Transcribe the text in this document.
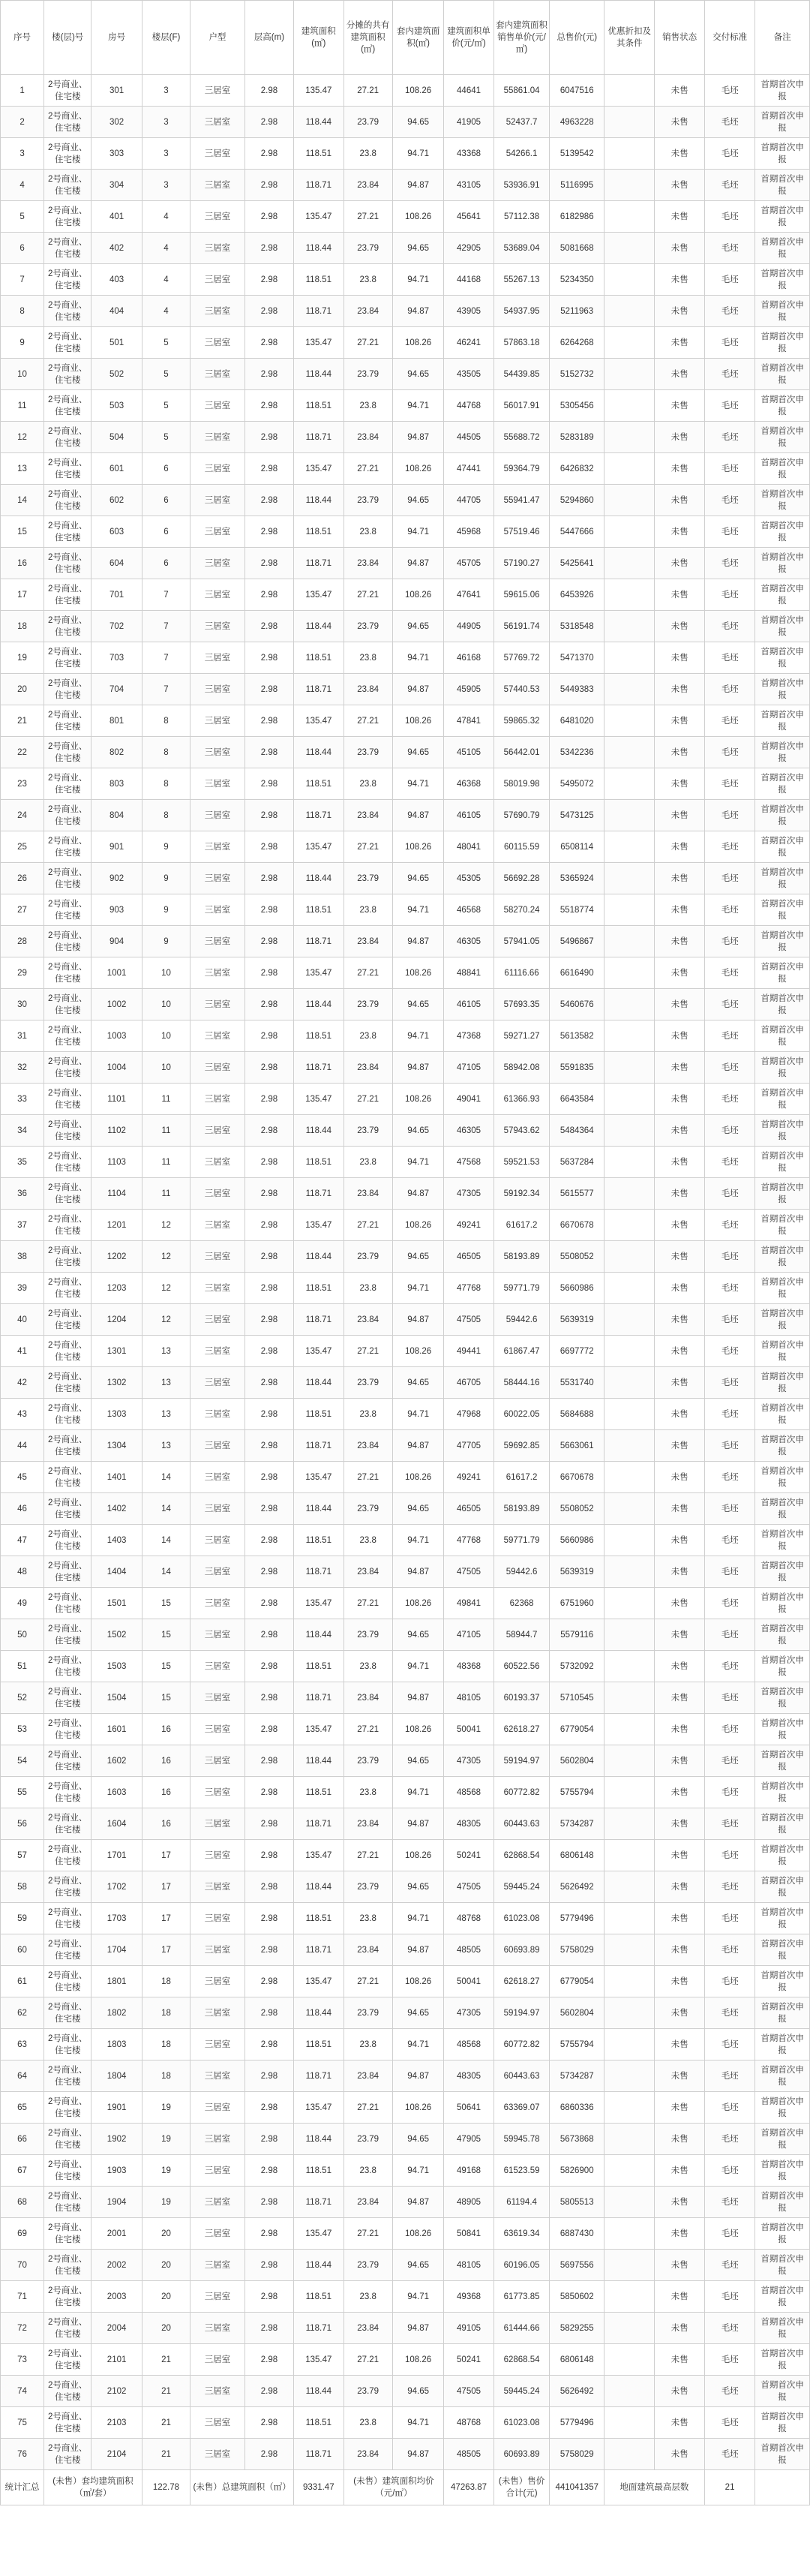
序号	楼(层)号	房号	楼层(F)	户型	层高(m)	建筑面积(㎡)	分摊的共有建筑面积(㎡)	套内建筑面积(㎡)	建筑面积单价(元/㎡)	套内建筑面积销售单价(元/㎡)	总售价(元)	优惠折扣及其条件	销售状态	交付标准	备注
1	2号商业、住宅楼	301	3	三居室	2.98	135.47	27.21	108.26	44641	55861.04	6047516		未售	毛坯	首期首次申报
2	2号商业、住宅楼	302	3	三居室	2.98	118.44	23.79	94.65	41905	52437.7	4963228		未售	毛坯	首期首次申报
3	2号商业、住宅楼	303	3	三居室	2.98	118.51	23.8	94.71	43368	54266.1	5139542		未售	毛坯	首期首次申报
4	2号商业、住宅楼	304	3	三居室	2.98	118.71	23.84	94.87	43105	53936.91	5116995		未售	毛坯	首期首次申报
5	2号商业、住宅楼	401	4	三居室	2.98	135.47	27.21	108.26	45641	57112.38	6182986		未售	毛坯	首期首次申报
6	2号商业、住宅楼	402	4	三居室	2.98	118.44	23.79	94.65	42905	53689.04	5081668		未售	毛坯	首期首次申报
7	2号商业、住宅楼	403	4	三居室	2.98	118.51	23.8	94.71	44168	55267.13	5234350		未售	毛坯	首期首次申报
8	2号商业、住宅楼	404	4	三居室	2.98	118.71	23.84	94.87	43905	54937.95	5211963		未售	毛坯	首期首次申报
9	2号商业、住宅楼	501	5	三居室	2.98	135.47	27.21	108.26	46241	57863.18	6264268		未售	毛坯	首期首次申报
10	2号商业、住宅楼	502	5	三居室	2.98	118.44	23.79	94.65	43505	54439.85	5152732		未售	毛坯	首期首次申报
11	2号商业、住宅楼	503	5	三居室	2.98	118.51	23.8	94.71	44768	56017.91	5305456		未售	毛坯	首期首次申报
12	2号商业、住宅楼	504	5	三居室	2.98	118.71	23.84	94.87	44505	55688.72	5283189		未售	毛坯	首期首次申报
13	2号商业、住宅楼	601	6	三居室	2.98	135.47	27.21	108.26	47441	59364.79	6426832		未售	毛坯	首期首次申报
14	2号商业、住宅楼	602	6	三居室	2.98	118.44	23.79	94.65	44705	55941.47	5294860		未售	毛坯	首期首次申报
15	2号商业、住宅楼	603	6	三居室	2.98	118.51	23.8	94.71	45968	57519.46	5447666		未售	毛坯	首期首次申报
16	2号商业、住宅楼	604	6	三居室	2.98	118.71	23.84	94.87	45705	57190.27	5425641		未售	毛坯	首期首次申报
17	2号商业、住宅楼	701	7	三居室	2.98	135.47	27.21	108.26	47641	59615.06	6453926		未售	毛坯	首期首次申报
18	2号商业、住宅楼	702	7	三居室	2.98	118.44	23.79	94.65	44905	56191.74	5318548		未售	毛坯	首期首次申报
19	2号商业、住宅楼	703	7	三居室	2.98	118.51	23.8	94.71	46168	57769.72	5471370		未售	毛坯	首期首次申报
20	2号商业、住宅楼	704	7	三居室	2.98	118.71	23.84	94.87	45905	57440.53	5449383		未售	毛坯	首期首次申报
21	2号商业、住宅楼	801	8	三居室	2.98	135.47	27.21	108.26	47841	59865.32	6481020		未售	毛坯	首期首次申报
22	2号商业、住宅楼	802	8	三居室	2.98	118.44	23.79	94.65	45105	56442.01	5342236		未售	毛坯	首期首次申报
23	2号商业、住宅楼	803	8	三居室	2.98	118.51	23.8	94.71	46368	58019.98	5495072		未售	毛坯	首期首次申报
24	2号商业、住宅楼	804	8	三居室	2.98	118.71	23.84	94.87	46105	57690.79	5473125		未售	毛坯	首期首次申报
25	2号商业、住宅楼	901	9	三居室	2.98	135.47	27.21	108.26	48041	60115.59	6508114		未售	毛坯	首期首次申报
26	2号商业、住宅楼	902	9	三居室	2.98	118.44	23.79	94.65	45305	56692.28	5365924		未售	毛坯	首期首次申报
27	2号商业、住宅楼	903	9	三居室	2.98	118.51	23.8	94.71	46568	58270.24	5518774		未售	毛坯	首期首次申报
28	2号商业、住宅楼	904	9	三居室	2.98	118.71	23.84	94.87	46305	57941.05	5496867		未售	毛坯	首期首次申报
29	2号商业、住宅楼	1001	10	三居室	2.98	135.47	27.21	108.26	48841	61116.66	6616490		未售	毛坯	首期首次申报
30	2号商业、住宅楼	1002	10	三居室	2.98	118.44	23.79	94.65	46105	57693.35	5460676		未售	毛坯	首期首次申报
31	2号商业、住宅楼	1003	10	三居室	2.98	118.51	23.8	94.71	47368	59271.27	5613582		未售	毛坯	首期首次申报
32	2号商业、住宅楼	1004	10	三居室	2.98	118.71	23.84	94.87	47105	58942.08	5591835		未售	毛坯	首期首次申报
33	2号商业、住宅楼	1101	11	三居室	2.98	135.47	27.21	108.26	49041	61366.93	6643584		未售	毛坯	首期首次申报
34	2号商业、住宅楼	1102	11	三居室	2.98	118.44	23.79	94.65	46305	57943.62	5484364		未售	毛坯	首期首次申报
35	2号商业、住宅楼	1103	11	三居室	2.98	118.51	23.8	94.71	47568	59521.53	5637284		未售	毛坯	首期首次申报
36	2号商业、住宅楼	1104	11	三居室	2.98	118.71	23.84	94.87	47305	59192.34	5615577		未售	毛坯	首期首次申报
37	2号商业、住宅楼	1201	12	三居室	2.98	135.47	27.21	108.26	49241	61617.2	6670678		未售	毛坯	首期首次申报
38	2号商业、住宅楼	1202	12	三居室	2.98	118.44	23.79	94.65	46505	58193.89	5508052		未售	毛坯	首期首次申报
39	2号商业、住宅楼	1203	12	三居室	2.98	118.51	23.8	94.71	47768	59771.79	5660986		未售	毛坯	首期首次申报
40	2号商业、住宅楼	1204	12	三居室	2.98	118.71	23.84	94.87	47505	59442.6	5639319		未售	毛坯	首期首次申报
41	2号商业、住宅楼	1301	13	三居室	2.98	135.47	27.21	108.26	49441	61867.47	6697772		未售	毛坯	首期首次申报
42	2号商业、住宅楼	1302	13	三居室	2.98	118.44	23.79	94.65	46705	58444.16	5531740		未售	毛坯	首期首次申报
43	2号商业、住宅楼	1303	13	三居室	2.98	118.51	23.8	94.71	47968	60022.05	5684688		未售	毛坯	首期首次申报
44	2号商业、住宅楼	1304	13	三居室	2.98	118.71	23.84	94.87	47705	59692.85	5663061		未售	毛坯	首期首次申报
45	2号商业、住宅楼	1401	14	三居室	2.98	135.47	27.21	108.26	49241	61617.2	6670678		未售	毛坯	首期首次申报
46	2号商业、住宅楼	1402	14	三居室	2.98	118.44	23.79	94.65	46505	58193.89	5508052		未售	毛坯	首期首次申报
47	2号商业、住宅楼	1403	14	三居室	2.98	118.51	23.8	94.71	47768	59771.79	5660986		未售	毛坯	首期首次申报
48	2号商业、住宅楼	1404	14	三居室	2.98	118.71	23.84	94.87	47505	59442.6	5639319		未售	毛坯	首期首次申报
49	2号商业、住宅楼	1501	15	三居室	2.98	135.47	27.21	108.26	49841	62368	6751960		未售	毛坯	首期首次申报
50	2号商业、住宅楼	1502	15	三居室	2.98	118.44	23.79	94.65	47105	58944.7	5579116		未售	毛坯	首期首次申报
51	2号商业、住宅楼	1503	15	三居室	2.98	118.51	23.8	94.71	48368	60522.56	5732092		未售	毛坯	首期首次申报
52	2号商业、住宅楼	1504	15	三居室	2.98	118.71	23.84	94.87	48105	60193.37	5710545		未售	毛坯	首期首次申报
53	2号商业、住宅楼	1601	16	三居室	2.98	135.47	27.21	108.26	50041	62618.27	6779054		未售	毛坯	首期首次申报
54	2号商业、住宅楼	1602	16	三居室	2.98	118.44	23.79	94.65	47305	59194.97	5602804		未售	毛坯	首期首次申报
55	2号商业、住宅楼	1603	16	三居室	2.98	118.51	23.8	94.71	48568	60772.82	5755794		未售	毛坯	首期首次申报
56	2号商业、住宅楼	1604	16	三居室	2.98	118.71	23.84	94.87	48305	60443.63	5734287		未售	毛坯	首期首次申报
57	2号商业、住宅楼	1701	17	三居室	2.98	135.47	27.21	108.26	50241	62868.54	6806148		未售	毛坯	首期首次申报
58	2号商业、住宅楼	1702	17	三居室	2.98	118.44	23.79	94.65	47505	59445.24	5626492		未售	毛坯	首期首次申报
59	2号商业、住宅楼	1703	17	三居室	2.98	118.51	23.8	94.71	48768	61023.08	5779496		未售	毛坯	首期首次申报
60	2号商业、住宅楼	1704	17	三居室	2.98	118.71	23.84	94.87	48505	60693.89	5758029		未售	毛坯	首期首次申报
61	2号商业、住宅楼	1801	18	三居室	2.98	135.47	27.21	108.26	50041	62618.27	6779054		未售	毛坯	首期首次申报
62	2号商业、住宅楼	1802	18	三居室	2.98	118.44	23.79	94.65	47305	59194.97	5602804		未售	毛坯	首期首次申报
63	2号商业、住宅楼	1803	18	三居室	2.98	118.51	23.8	94.71	48568	60772.82	5755794		未售	毛坯	首期首次申报
64	2号商业、住宅楼	1804	18	三居室	2.98	118.71	23.84	94.87	48305	60443.63	5734287		未售	毛坯	首期首次申报
65	2号商业、住宅楼	1901	19	三居室	2.98	135.47	27.21	108.26	50641	63369.07	6860336		未售	毛坯	首期首次申报
66	2号商业、住宅楼	1902	19	三居室	2.98	118.44	23.79	94.65	47905	59945.78	5673868		未售	毛坯	首期首次申报
67	2号商业、住宅楼	1903	19	三居室	2.98	118.51	23.8	94.71	49168	61523.59	5826900		未售	毛坯	首期首次申报
68	2号商业、住宅楼	1904	19	三居室	2.98	118.71	23.84	94.87	48905	61194.4	5805513		未售	毛坯	首期首次申报
69	2号商业、住宅楼	2001	20	三居室	2.98	135.47	27.21	108.26	50841	63619.34	6887430		未售	毛坯	首期首次申报
70	2号商业、住宅楼	2002	20	三居室	2.98	118.44	23.79	94.65	48105	60196.05	5697556		未售	毛坯	首期首次申报
71	2号商业、住宅楼	2003	20	三居室	2.98	118.51	23.8	94.71	49368	61773.85	5850602		未售	毛坯	首期首次申报
72	2号商业、住宅楼	2004	20	三居室	2.98	118.71	23.84	94.87	49105	61444.66	5829255		未售	毛坯	首期首次申报
73	2号商业、住宅楼	2101	21	三居室	2.98	135.47	27.21	108.26	50241	62868.54	6806148		未售	毛坯	首期首次申报
74	2号商业、住宅楼	2102	21	三居室	2.98	118.44	23.79	94.65	47505	59445.24	5626492		未售	毛坯	首期首次申报
75	2号商业、住宅楼	2103	21	三居室	2.98	118.51	23.8	94.71	48768	61023.08	5779496		未售	毛坯	首期首次申报
76	2号商业、住宅楼	2104	21	三居室	2.98	118.71	23.84	94.87	48505	60693.89	5758029		未售	毛坯	首期首次申报
统计汇总	(未售）套均建筑面积（㎡/套）		122.78	(未售）总建筑面积（㎡）		9331.47	(未售）建筑面积均价（元/㎡）		47263.87	(未售）售价合计(元)	441041357	地面建筑最高层数		21	
